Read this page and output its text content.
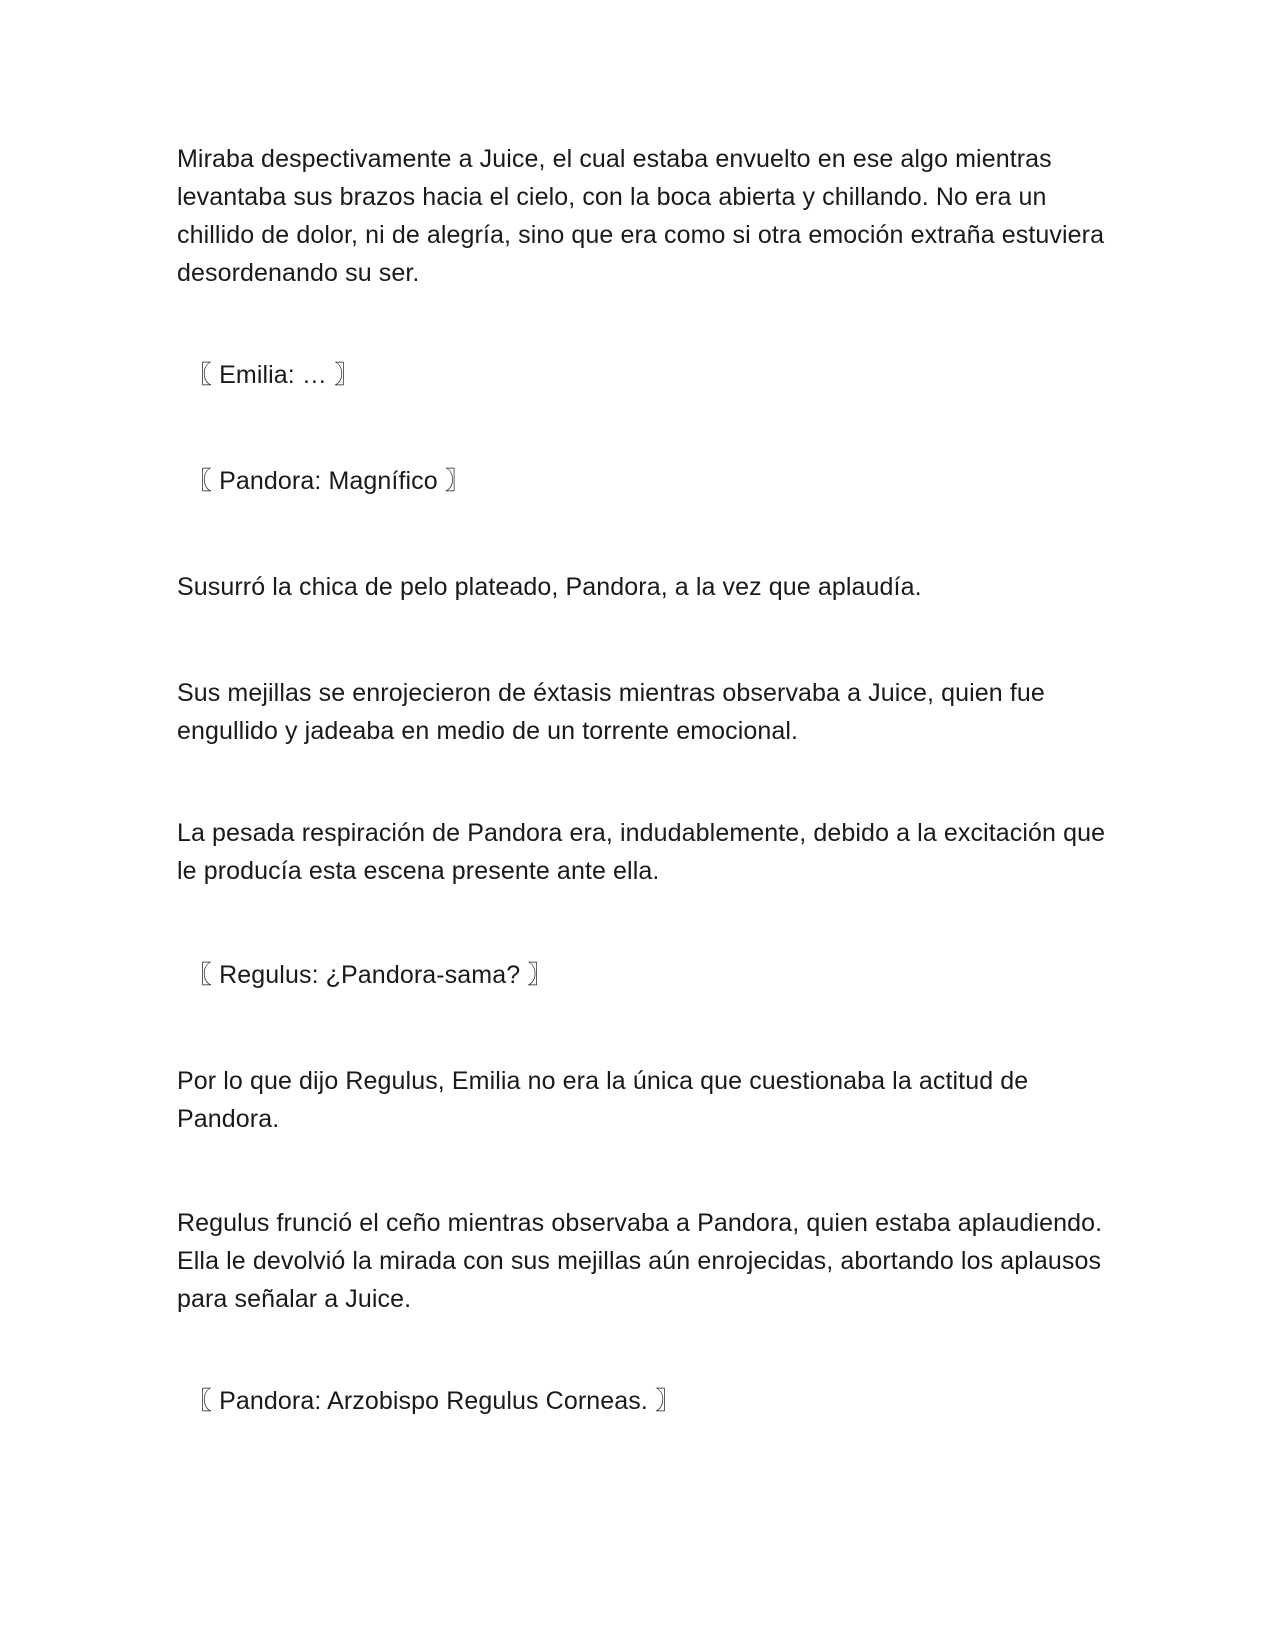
Miraba despectivamente a Juice, el cual estaba envuelto en ese algo mientras levantaba sus brazos hacia el cielo, con la boca abierta y chillando. No era un chillido de dolor, ni de alegría, sino que era como si otra emoción extraña estuviera desordenando su ser.

〖 Emilia: … 〗

〖 Pandora: Magnífico 〗

Susurró la chica de pelo plateado, Pandora, a la vez que aplaudía.

Sus mejillas se enrojecieron de éxtasis mientras observaba a Juice, quien fue engullido y jadeaba en medio de un torrente emocional.

La pesada respiración de Pandora era, indudablemente, debido a la excitación que le producía esta escena presente ante ella.

〖 Regulus: ¿Pandora-sama? 〗

Por lo que dijo Regulus, Emilia no era la única que cuestionaba la actitud de Pandora.

Regulus frunció el ceño mientras observaba a Pandora, quien estaba aplaudiendo. Ella le devolvió la mirada con sus mejillas aún enrojecidas, abortando los aplausos para señalar a Juice.

〖 Pandora: Arzobispo Regulus Corneas. 〗
